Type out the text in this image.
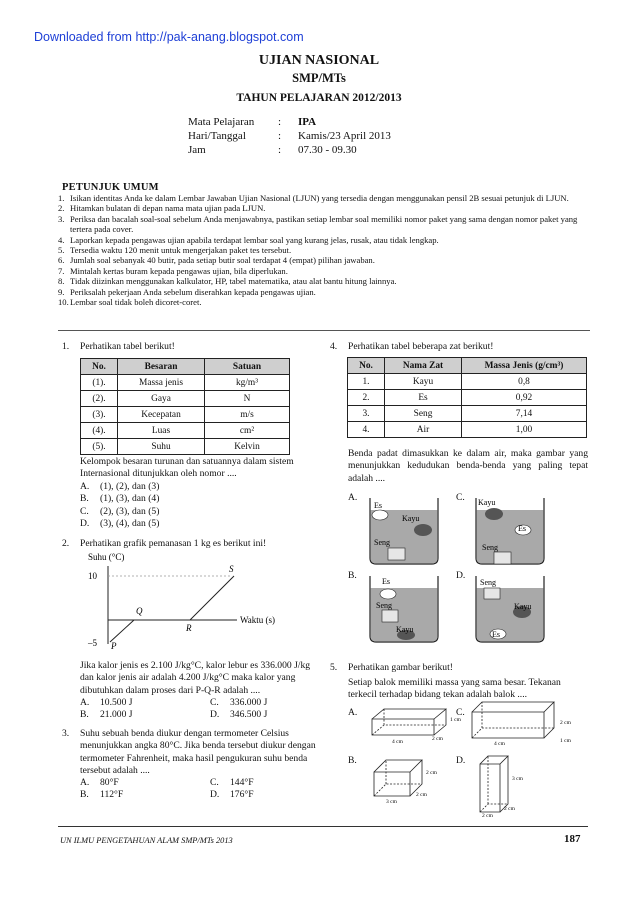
Downloaded from http://pak-anang.blogspot.com
UJIAN NASIONAL
SMP/MTs
TAHUN PELAJARAN 2012/2013
Mata Pelajaran	:	IPA
Hari/Tanggal	:	Kamis/23 April 2013
Jam	:	07.30 - 09.30
PETUNJUK UMUM
1. Isikan identitas Anda ke dalam Lembar Jawaban Ujian Nasional (LJUN) yang tersedia dengan menggunakan pensil 2B sesuai petunjuk di LJUN.
2. Hitamkan bulatan di depan nama mata ujian pada LJUN.
3. Periksa dan bacalah soal-soal sebelum Anda menjawabnya, pastikan setiap lembar soal memiliki nomor paket yang sama dengan nomor paket yang tertera pada cover.
4. Laporkan kepada pengawas ujian apabila terdapat lembar soal yang kurang jelas, rusak, atau tidak lengkap.
5. Tersedia waktu 120 menit untuk mengerjakan paket tes tersebut.
6. Jumlah soal sebanyak 40 butir, pada setiap butir soal terdapat 4 (empat) pilihan jawaban.
7. Mintalah kertas buram kepada pengawas ujian, bila diperlukan.
8. Tidak diizinkan menggunakan kalkulator, HP, tabel matematika, atau alat bantu hitung lainnya.
9. Periksalah pekerjaan Anda sebelum diserahkan kepada pengawas ujian.
10. Lembar soal tidak boleh dicoret-coret.
1. Perhatikan tabel berikut!
No.	Besaran	Satuan
(1).	Massa jenis	kg/m³
(2).	Gaya	N
(3).	Kecepatan	m/s
(4).	Luas	cm²
(5).	Suhu	Kelvin
Kelompok besaran turunan dan satuannya dalam sistem Internasional ditunjukkan oleh nomor ....
A.	(1), (2), dan (3)
B.	(1), (3), dan (4)
C.	(2), (3), dan (5)
D.	(3), (4), dan (5)
2. Perhatikan grafik pemanasan 1 kg es berikut ini!
Suhu (°C)
Waktu (s)
10
–5 P
Q
R
S
Jika kalor jenis es 2.100 J/kg°C, kalor lebur es 336.000 J/kg dan kalor jenis air adalah 4.200 J/kg°C maka kalor yang dibutuhkan dalam proses dari P-Q-R adalah ....
A.	10.500 J	C.	336.000 J
B.	21.000 J	D.	346.500 J
3. Suhu sebuah benda diukur dengan termometer Celsius menunjukkan angka 80°C. Jika benda tersebut diukur dengan termometer Fahrenheit, maka hasil pengukuran suhu benda tersebut adalah ....
A.	80°F	C.	144°F
B.	112°F	D.	176°F
4. Perhatikan tabel beberapa zat berikut!
No.	Nama Zat	Massa Jenis (g/cm³)
1.	Kayu	0,8
2.	Es	0,92
3.	Seng	7,14
4.	Air	1,00
Benda padat dimasukkan ke dalam air, maka gambar yang menunjukkan kedudukan benda-benda yang paling tepat adalah ....
A.	C.
B.	D.
Es
Kayu
Seng
Kayu
Es
Seng
Es
Seng
Kayu
Seng
Kayu
Es
5. Perhatikan gambar berikut!
Setiap balok memiliki massa yang sama besar. Tekanan terkecil terhadap bidang tekan adalah balok ....
A.	C.
B.	D.
1 cm
2 cm
4 cm
2 cm
1 cm
4 cm
2 cm
2 cm
3 cm
3 cm
2 cm
2 cm
UN ILMU PENGETAHUAN ALAM SMP/MTs 2013	187
